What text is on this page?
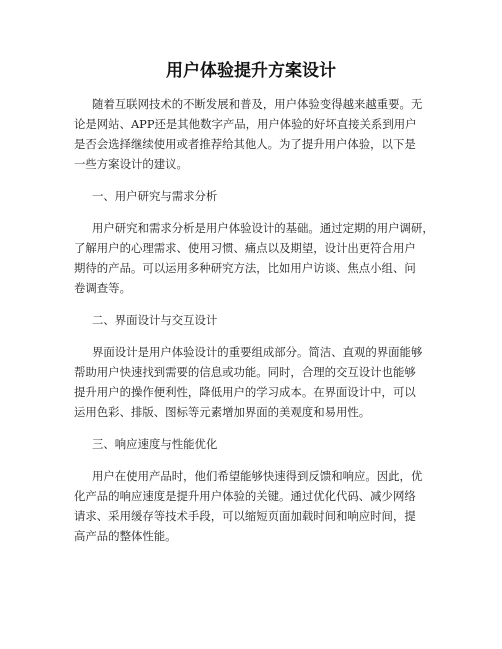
用户体验提升方案设计
随着互联网技术的不断发展和普及，用户体验变得越来越重要。无
论是网站、APP还是其他数字产品，用户体验的好坏直接关系到用户
是否会选择继续使用或者推荐给其他人。为了提升用户体验，以下是
一些方案设计的建议。
一、用户研究与需求分析
用户研究和需求分析是用户体验设计的基础。通过定期的用户调研，
了解用户的心理需求、使用习惯、痛点以及期望，设计出更符合用户
期待的产品。可以运用多种研究方法，比如用户访谈、焦点小组、问
卷调查等。
二、界面设计与交互设计
界面设计是用户体验设计的重要组成部分。简洁、直观的界面能够
帮助用户快速找到需要的信息或功能。同时，合理的交互设计也能够
提升用户的操作便利性，降低用户的学习成本。在界面设计中，可以
运用色彩、排版、图标等元素增加界面的美观度和易用性。
三、响应速度与性能优化
用户在使用产品时，他们希望能够快速得到反馈和响应。因此，优
化产品的响应速度是提升用户体验的关键。通过优化代码、减少网络
请求、采用缓存等技术手段，可以缩短页面加载时间和响应时间，提
高产品的整体性能。
